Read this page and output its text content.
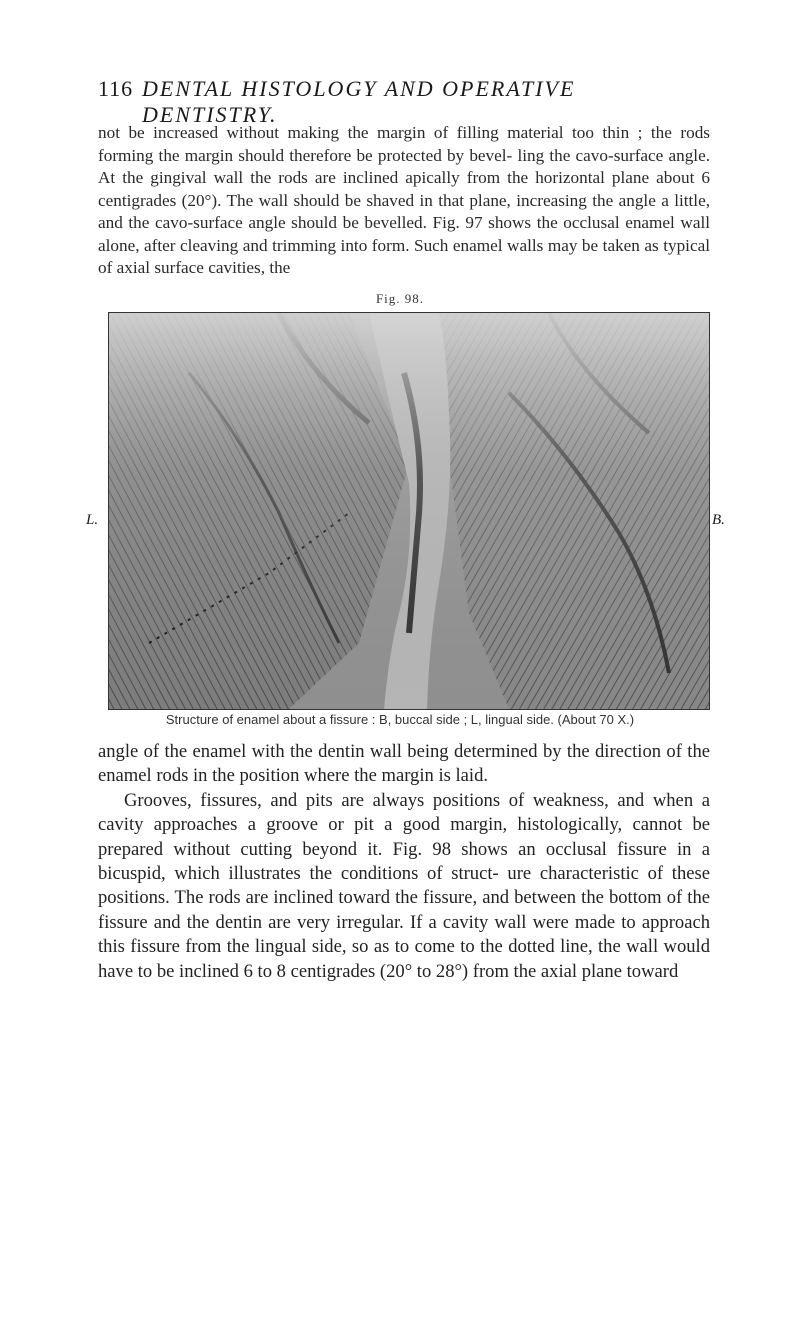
116 DENTAL HISTOLOGY AND OPERATIVE DENTISTRY.

not be increased without making the margin of filling material too thin ; the rods forming the margin should therefore be protected by bevel- ling the cavo-surface angle. At the gingival wall the rods are inclined apically from the horizontal plane about 6 centigrades (20°). The wall should be shaved in that plane, increasing the angle a little, and the cavo-surface angle should be bevelled. Fig. 97 shows the occlusal enamel wall alone, after cleaving and trimming into form. Such enamel walls may be taken as typical of axial surface cavities, the

Fig. 98.
L.	B.
Structure of enamel about a fissure : B, buccal side ; L, lingual side. (About 70 X.)

angle of the enamel with the dentin wall being determined by the direction of the enamel rods in the position where the margin is laid.

Grooves, fissures, and pits are always positions of weakness, and when a cavity approaches a groove or pit a good margin, histologically, cannot be prepared without cutting beyond it. Fig. 98 shows an occlusal fissure in a bicuspid, which illustrates the conditions of struct- ure characteristic of these positions. The rods are inclined toward the fissure, and between the bottom of the fissure and the dentin are very irregular. If a cavity wall were made to approach this fissure from the lingual side, so as to come to the dotted line, the wall would have to be inclined 6 to 8 centigrades (20° to 28°) from the axial plane toward
